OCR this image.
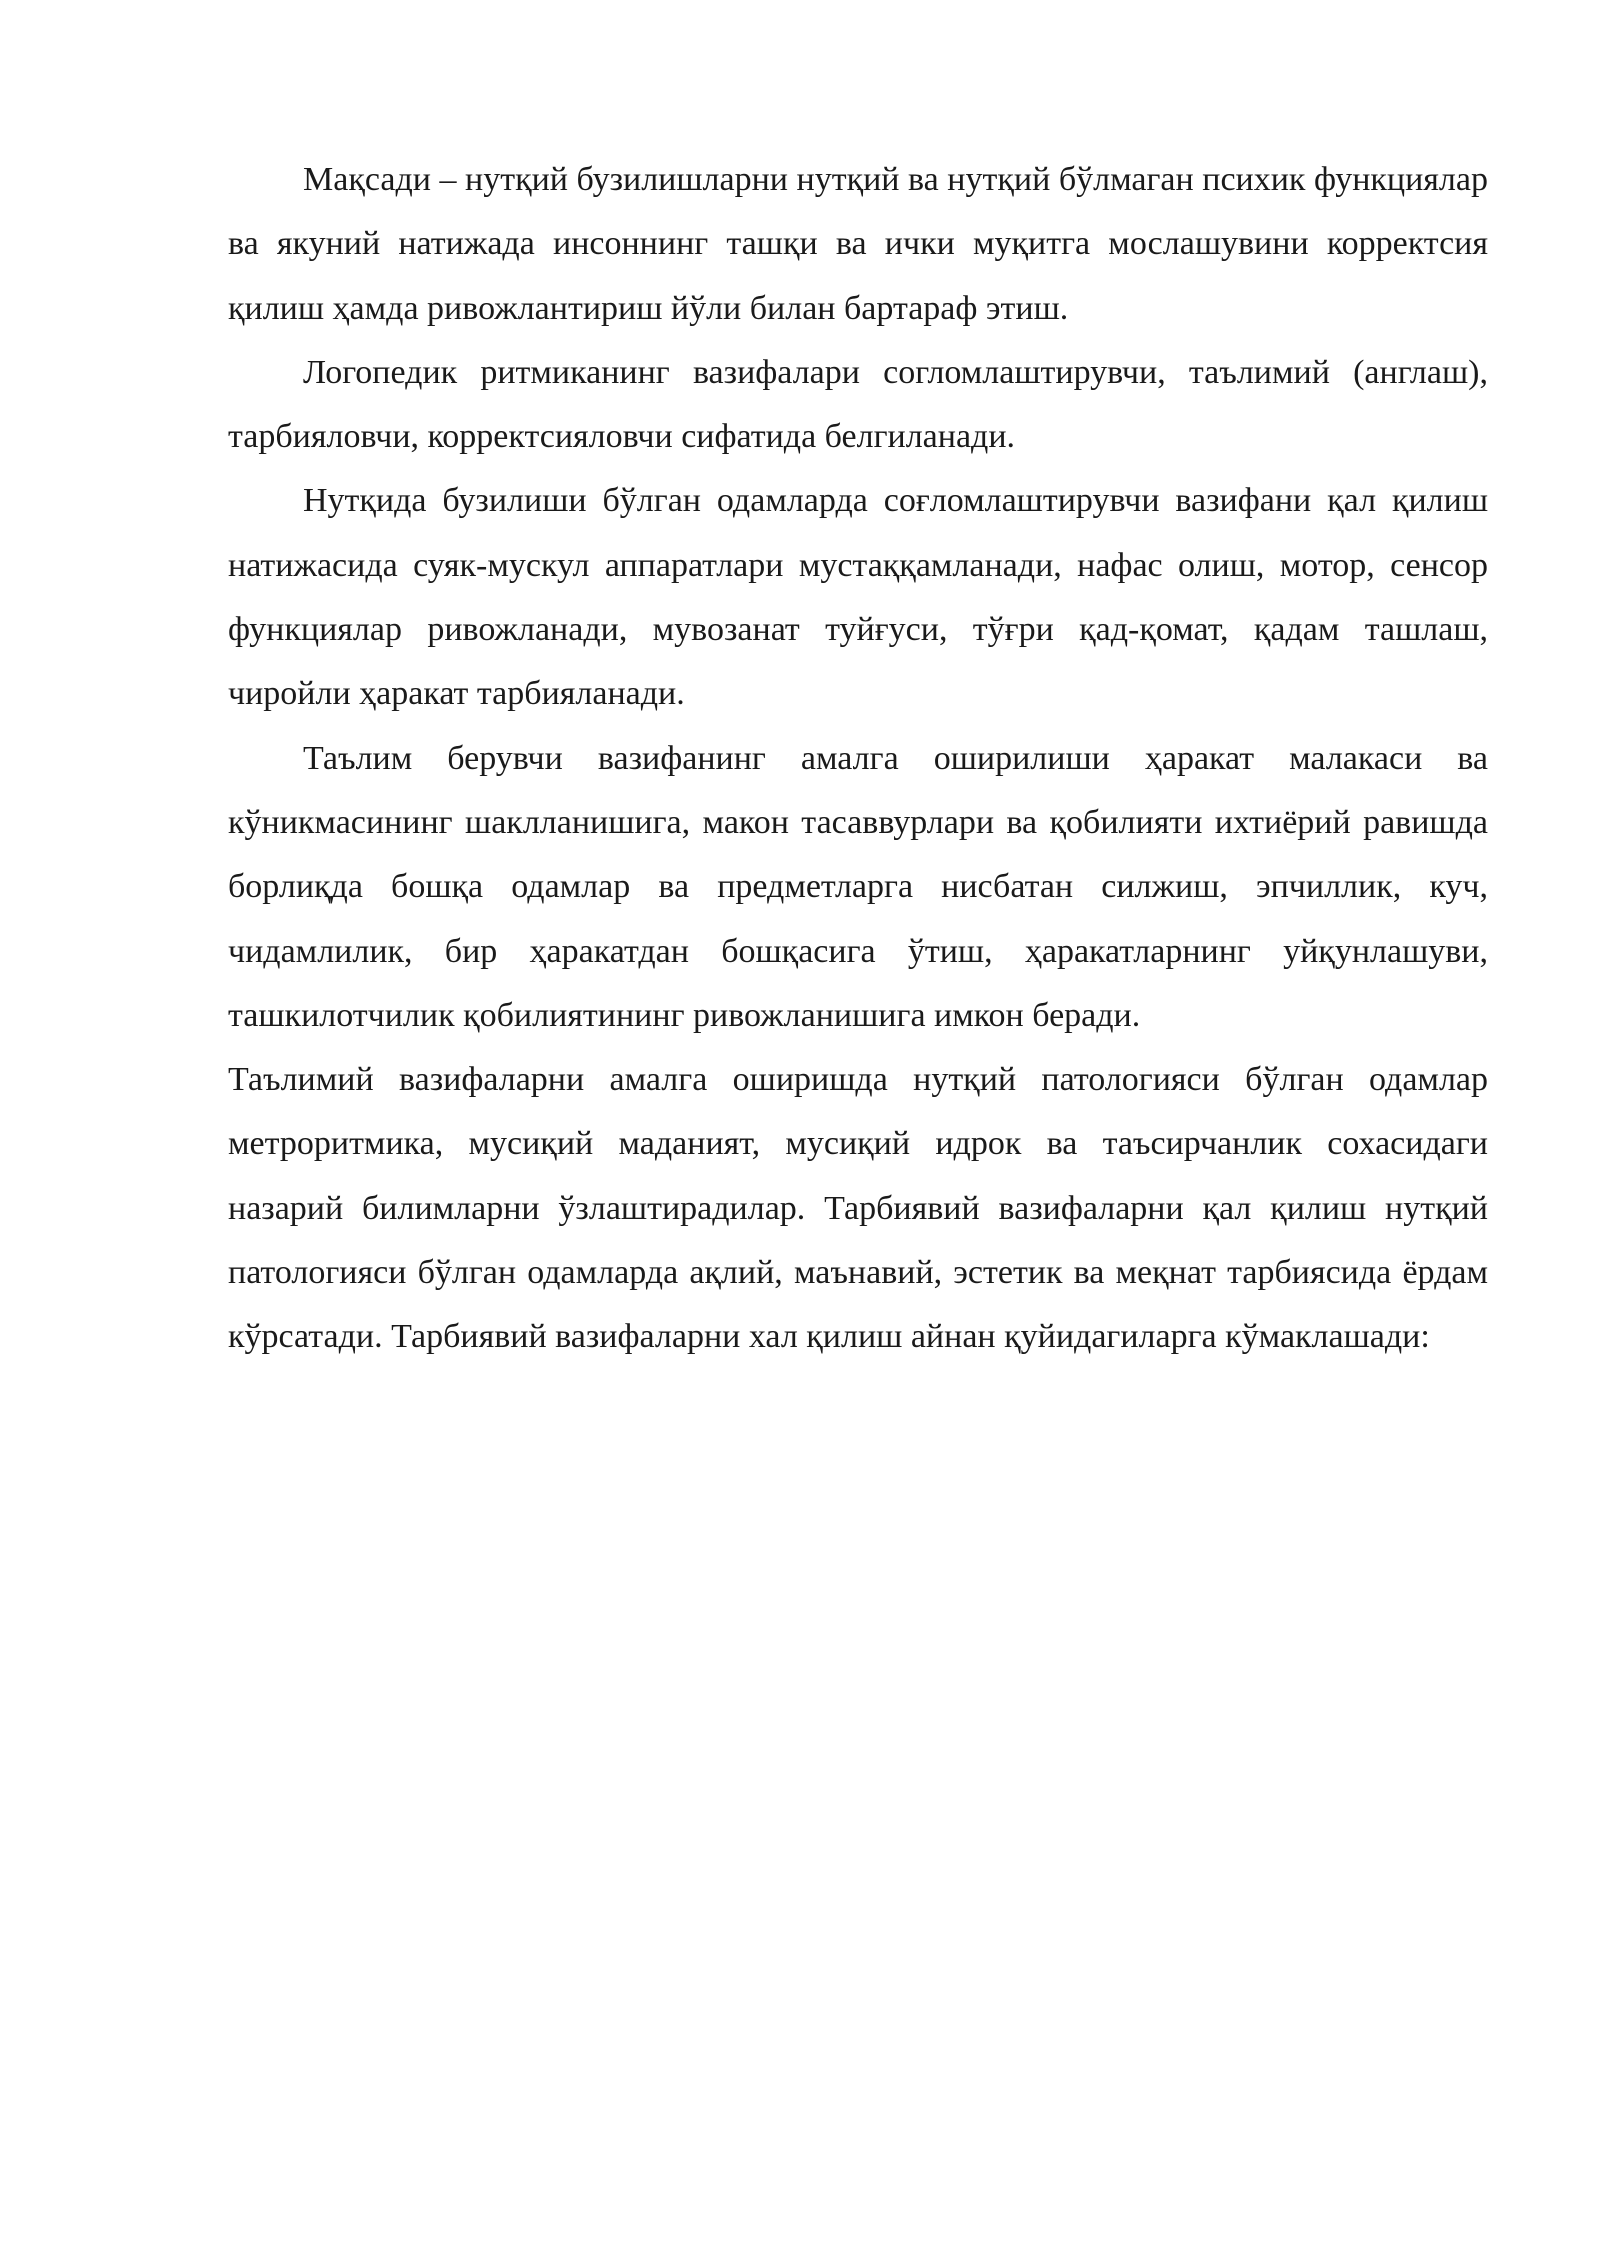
Мақсади – нутқий бузилишларни нутқий ва нутқий бўлмаган психик функциялар ва якуний натижада инсоннинг ташқи ва ички муқитга мослашувини корректсия қилиш ҳамда ривожлантириш йўли билан бартараф этиш.

Логопедик ритмиканинг вазифалари согломлаштирувчи, таълимий (англаш), тарбияловчи, корректсияловчи сифатида белгиланади.

Нутқида бузилиши бўлган одамларда соғломлаштирувчи вазифани қал қилиш натижасида суяк-мускул аппаратлари мустаққамланади, нафас олиш, мотор, сенсор функциялар ривожланади, мувозанат туйғуси, тўғри қад-қомат, қадам ташлаш, чиройли ҳаракат тарбияланади.

Таълим берувчи вазифанинг амалга оширилиши ҳаракат малакаси ва кўникмасининг шаклланишига, макон тасаввурлари ва қобилияти ихтиёрий равишда борлиқда бошқа одамлар ва предметларга нисбатан силжиш, эпчиллик, куч, чидамлилик, бир ҳаракатдан бошқасига ўтиш, ҳаракатларнинг уйқунлашуви, ташкилотчилик қобилиятининг ривожланишига имкон беради.

Таълимий вазифаларни амалга оширишда нутқий патологияси бўлган одамлар метроритмика, мусиқий маданият, мусиқий идрок ва таъсирчанлик сохасидаги назарий билимларни ўзлаштирадилар. Тарбиявий вазифаларни қал қилиш нутқий патологияси бўлган одамларда ақлий, маънавий, эстетик ва меқнат тарбиясида ёрдам кўрсатади. Тарбиявий вазифаларни хал қилиш айнан қуйидагиларга кўмаклашади:
